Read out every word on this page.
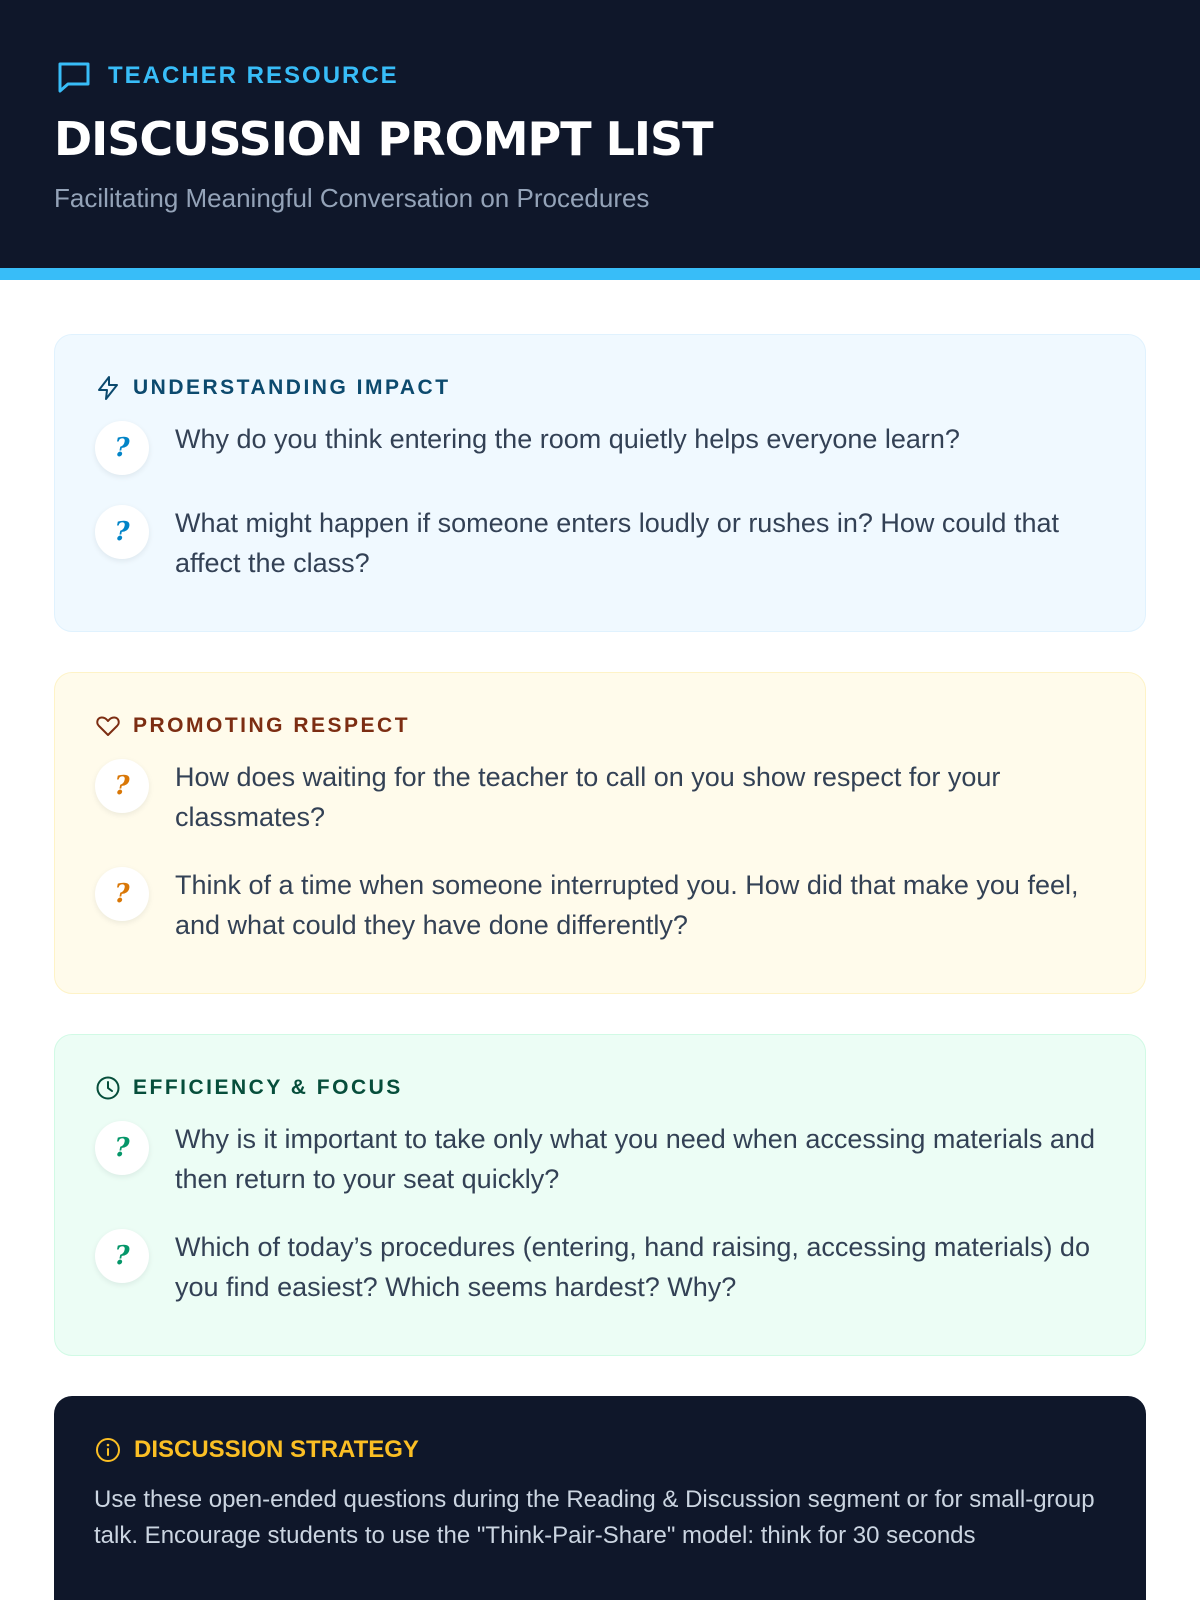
TEACHER RESOURCE
DISCUSSION PROMPT LIST
Facilitating Meaningful Conversation on Procedures
UNDERSTANDING IMPACT
?	Why do you think entering the room quietly helps everyone learn?
?	What might happen if someone enters loudly or rushes in? How could that affect the class?
PROMOTING RESPECT
?	How does waiting for the teacher to call on you show respect for your classmates?
?	Think of a time when someone interrupted you. How did that make you feel, and what could they have done differently?
EFFICIENCY & FOCUS
?	Why is it important to take only what you need when accessing materials and then return to your seat quickly?
?	Which of today’s procedures (entering, hand raising, accessing materials) do you find easiest? Which seems hardest? Why?
DISCUSSION STRATEGY
Use these open-ended questions during the Reading & Discussion segment or for small-group talk. Encourage students to use the "Think-Pair-Share" model: think for 30 seconds
